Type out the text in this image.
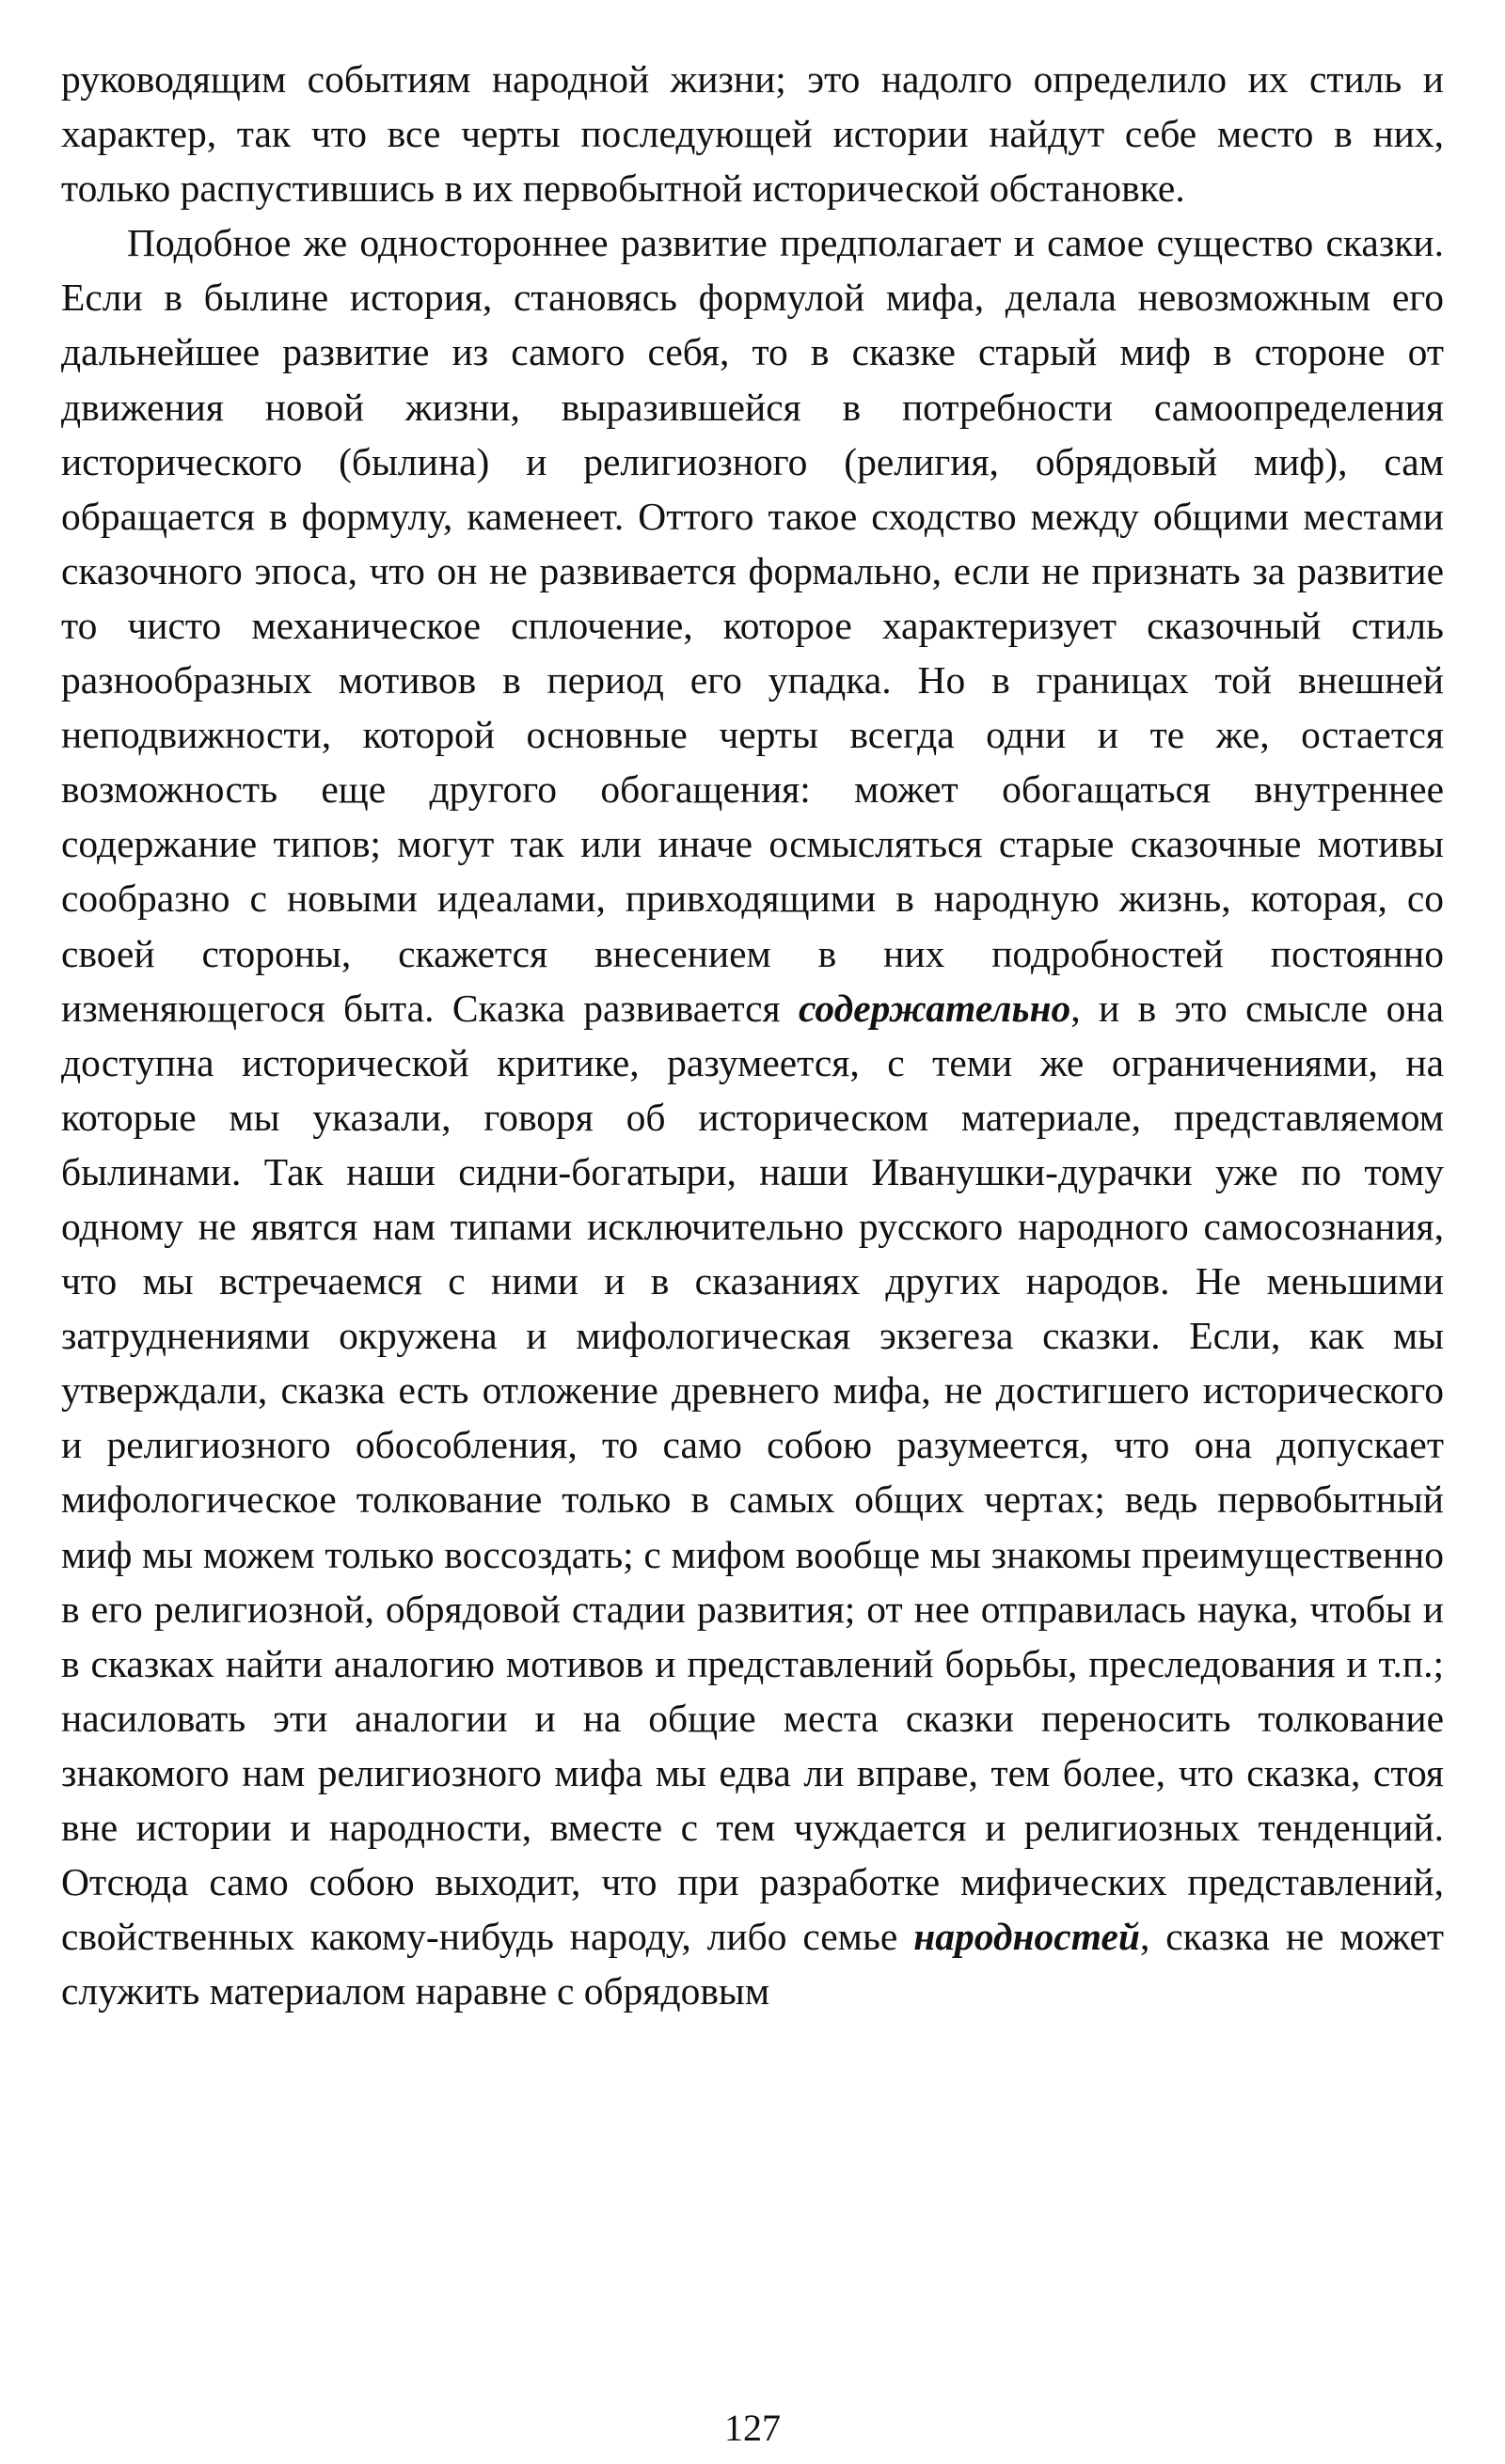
руководящим событиям народной жизни; это надолго определило их стиль и характер, так что все черты последующей истории найдут себе место в них, только распустившись в их первобытной исторической обстановке.

Подобное же одностороннее развитие предполагает и самое существо сказки. Если в былине история, становясь формулой мифа, делала невозможным его дальнейшее развитие из самого себя, то в сказке старый миф в стороне от движения новой жизни, выразившейся в потребности самоопределения исторического (былина) и религиозного (религия, обрядовый миф), сам обращается в формулу, каменеет. Оттого такое сходство между общими местами сказочного эпоса, что он не развивается формально, если не признать за развитие то чисто механическое сплочение, которое характеризует сказочный стиль разнообразных мотивов в период его упадка. Но в границах той внешней неподвижности, которой основные черты всегда одни и те же, остается возможность еще другого обогащения: может обогащаться внутреннее содержание типов; могут так или иначе осмысляться старые сказочные мотивы сообразно с новыми идеалами, привходящими в народную жизнь, которая, со своей стороны, скажется внесением в них подробностей постоянно изменяющегося быта. Сказка развивается содержательно, и в это смысле она доступна исторической критике, разумеется, с теми же ограничениями, на которые мы указали, говоря об историческом материале, представляемом былинами. Так наши сидни-богатыри, наши Иванушки-дурачки уже по тому одному не явятся нам типами исключительно русского народного самосознания, что мы встречаемся с ними и в сказаниях других народов. Не меньшими затруднениями окружена и мифологическая экзегеза сказки. Если, как мы утверждали, сказка есть отложение древнего мифа, не достигшего исторического и религиозного обособления, то само собою разумеется, что она допускает мифологическое толкование только в самых общих чертах; ведь первобытный миф мы можем только воссоздать; с мифом вообще мы знакомы преимущественно в его религиозной, обрядовой стадии развития; от нее отправилась наука, чтобы и в сказках найти аналогию мотивов и представлений борьбы, преследования и т.п.; насиловать эти аналогии и на общие места сказки переносить толкование знакомого нам религиозного мифа мы едва ли вправе, тем более, что сказка, стоя вне истории и народности, вместе с тем чуждается и религиозных тенденций. Отсюда само собою выходит, что при разработке мифических представлений, свойственных какому-нибудь народу, либо семье народностей, сказка не может служить материалом наравне с обрядовым

127
